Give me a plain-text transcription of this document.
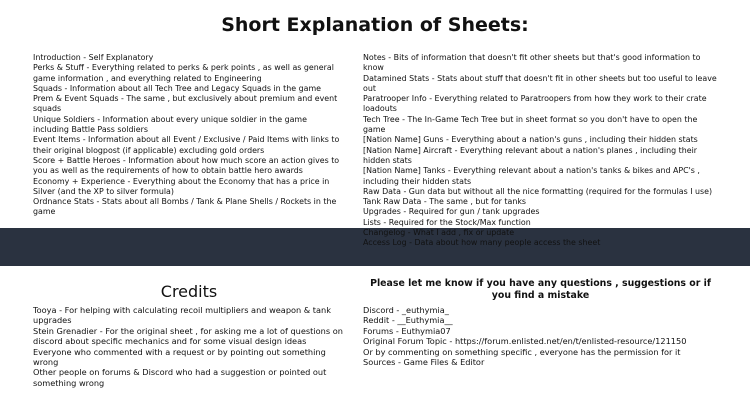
Short Explanation of Sheets:
Introduction - Self Explanatory
Perks & Stuff - Everything related to perks & perk points , as well as general game information , and everything related to Engineering
Squads - Information about all Tech Tree and Legacy Squads in the game
Prem & Event Squads - The same , but exclusively about premium and event squads
Unique Soldiers - Information about every unique soldier in the game including Battle Pass soldiers
Event Items - Information about all Event / Exclusive / Paid Items with links to their original blogpost (if applicable) excluding gold orders
Score + Battle Heroes - Information about how much score an action gives to you as well as the requirements of how to obtain battle hero awards
Economy + Experience - Everything about the Economy that has a price in Silver (and the XP to silver formula)
Ordnance Stats - Stats about all Bombs / Tank & Plane Shells / Rockets in the game
Notes - Bits of information that doesn't fit other sheets but that's good information to know
Datamined Stats - Stats about stuff that doesn't fit in other sheets but too useful to leave out
Paratrooper Info - Everything related to Paratroopers from how they work to their crate loadouts
Tech Tree - The In-Game Tech Tree but in sheet format so you don't have to open the game
[Nation Name] Guns - Everything about a nation's guns , including their hidden stats
[Nation Name] Aircraft - Everything relevant about a nation's planes , including their hidden stats
[Nation Name] Tanks - Everything relevant about a nation's tanks & bikes and APC's , including their hidden stats
Raw Data - Gun data but without all the nice formatting (required for the formulas I use)
Tank Raw Data - The same , but for tanks
Upgrades - Required for gun / tank upgrades
Lists - Required for the Stock/Max function
Changelog - What I add , fix or update
Access Log - Data about how many people access the sheet
Credits
Tooya - For helping with calculating recoil multipliers and weapon & tank upgrades
Stein Grenadier - For the original sheet , for asking me a lot of questions on discord about specific mechanics and for some visual design ideas
Everyone who commented with a request or by pointing out something wrong
Other people on forums & Discord who had a suggestion or pointed out something wrong
Please let me know if you have any questions , suggestions or if you find a mistake
Discord - _euthymia_
Reddit - __Euthymia__
Forums - Euthymia07
Original Forum Topic - https://forum.enlisted.net/en/t/enlisted-resource/121150
Or by commenting on something specific , everyone has the permission for it
Sources - Game Files & Editor
